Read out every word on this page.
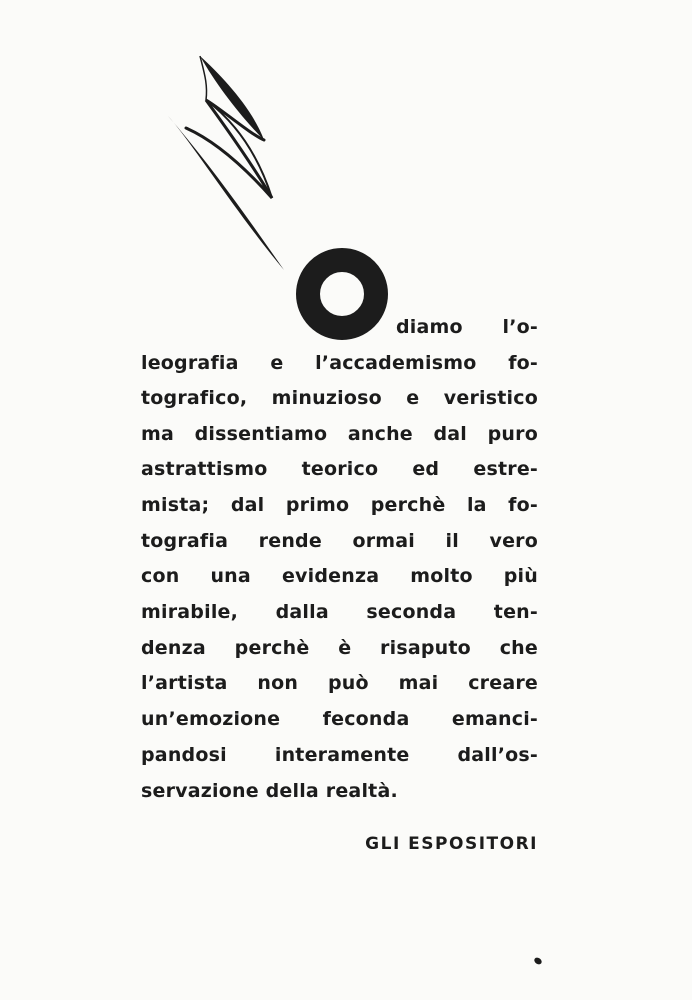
diamo l’o-
leografia e l’accademismo fo-
tografico, minuzioso e veristico
ma dissentiamo anche dal puro
astrattismo teorico ed estre-
mista; dal primo perchè la fo-
tografia rende ormai il vero
con una evidenza molto più
mirabile, dalla seconda ten-
denza perchè è risaputo che
l’artista non può mai creare
un’emozione feconda emanci-
pandosi interamente dall’os-
servazione della realtà.
GLI ESPOSITORI
